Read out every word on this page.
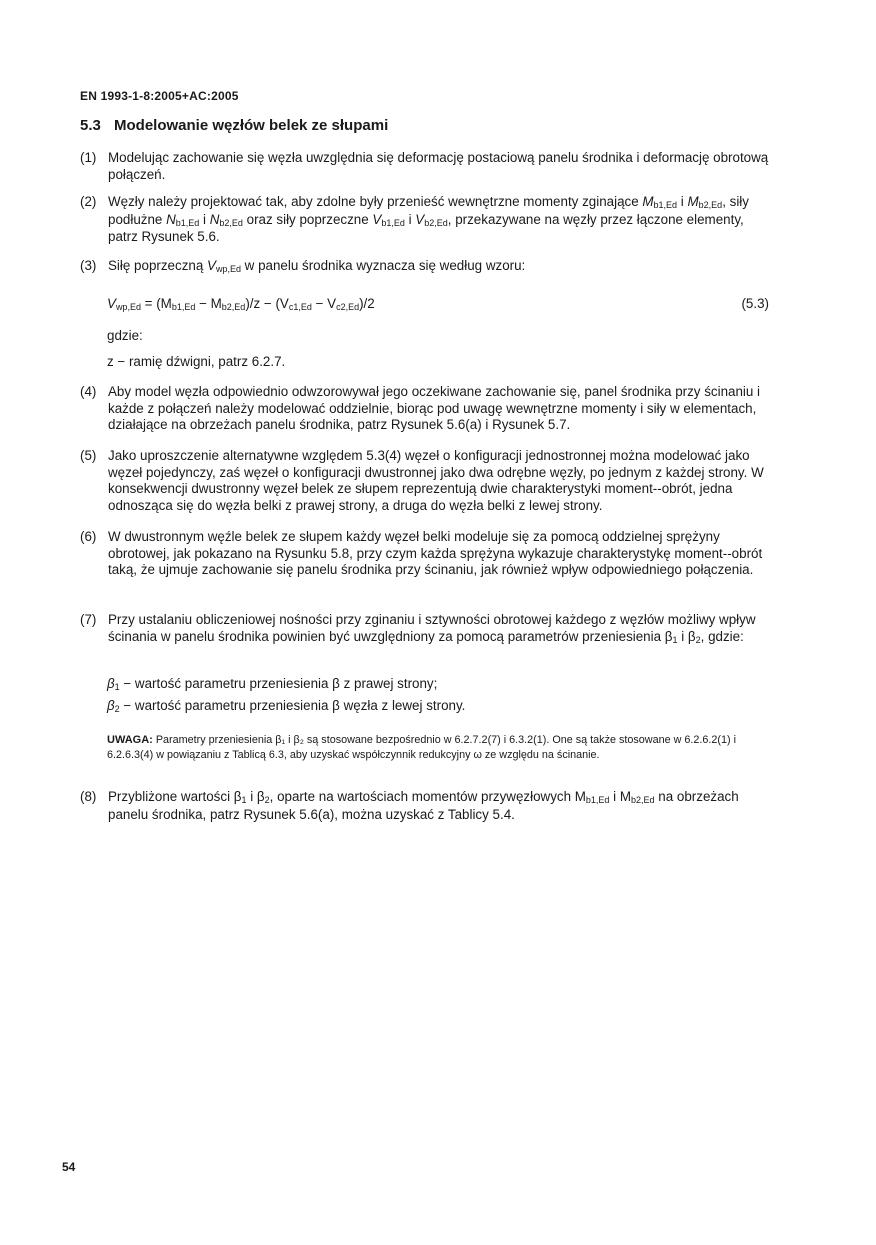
EN 1993-1-8:2005+AC:2005
5.3 Modelowanie węzłów belek ze słupami
(1) Modelując zachowanie się węzła uwzględnia się deformację postaciową panelu środnika i deformację obrotową połączeń.
(2) Węzły należy projektować tak, aby zdolne były przenieść wewnętrzne momenty zginające Mb1,Ed i Mb2,Ed, siły podłużne Nb1,Ed i Nb2,Ed oraz siły poprzeczne Vb1,Ed i Vb2,Ed, przekazywane na węzły przez łączone elementy, patrz Rysunek 5.6.
(3) Siłę poprzeczną Vwp,Ed w panelu środnika wyznacza się według wzoru:
Vwp,Ed = (Mb1,Ed − Mb2,Ed)/z − (Vc1,Ed − Vc2,Ed)/2	(5.3)
gdzie:
z − ramię dźwigni, patrz 6.2.7.
(4) Aby model węzła odpowiednio odwzorowywał jego oczekiwane zachowanie się, panel środnika przy ścinaniu i każde z połączeń należy modelować oddzielnie, biorąc pod uwagę wewnętrzne momenty i siły w elementach, działające na obrzeżach panelu środnika, patrz Rysunek 5.6(a) i Rysunek 5.7.
(5) Jako uproszczenie alternatywne względem 5.3(4) węzeł o konfiguracji jednostronnej można modelować jako węzeł pojedynczy, zaś węzeł o konfiguracji dwustronnej jako dwa odrębne węzły, po jednym z każdej strony. W konsekwencji dwustronny węzeł belek ze słupem reprezentują dwie charakterystyki moment--obrót, jedna odnosząca się do węzła belki z prawej strony, a druga do węzła belki z lewej strony.
(6) W dwustronnym węźle belek ze słupem każdy węzeł belki modeluje się za pomocą oddzielnej sprężyny obrotowej, jak pokazano na Rysunku 5.8, przy czym każda sprężyna wykazuje charakterystykę moment--obrót taką, że ujmuje zachowanie się panelu środnika przy ścinaniu, jak również wpływ odpowiedniego połączenia.
(7) Przy ustalaniu obliczeniowej nośności przy zginaniu i sztywności obrotowej każdego z węzłów możliwy wpływ ścinania w panelu środnika powinien być uwzględniony za pomocą parametrów przeniesienia β1 i β2, gdzie:
β1 − wartość parametru przeniesienia β z prawej strony;
β2 − wartość parametru przeniesienia β węzła z lewej strony.
UWAGA: Parametry przeniesienia β₁ i β₂ są stosowane bezpośrednio w 6.2.7.2(7) i 6.3.2(1). One są także stosowane w 6.2.6.2(1) i 6.2.6.3(4) w powiązaniu z Tablicą 6.3, aby uzyskać współczynnik redukcyjny ω ze względu na ścinanie.
(8) Przybliżone wartości β1 i β2, oparte na wartościach momentów przywęzłowych Mb1,Ed i Mb2,Ed na obrzeżach panelu środnika, patrz Rysunek 5.6(a), można uzyskać z Tablicy 5.4.
54
